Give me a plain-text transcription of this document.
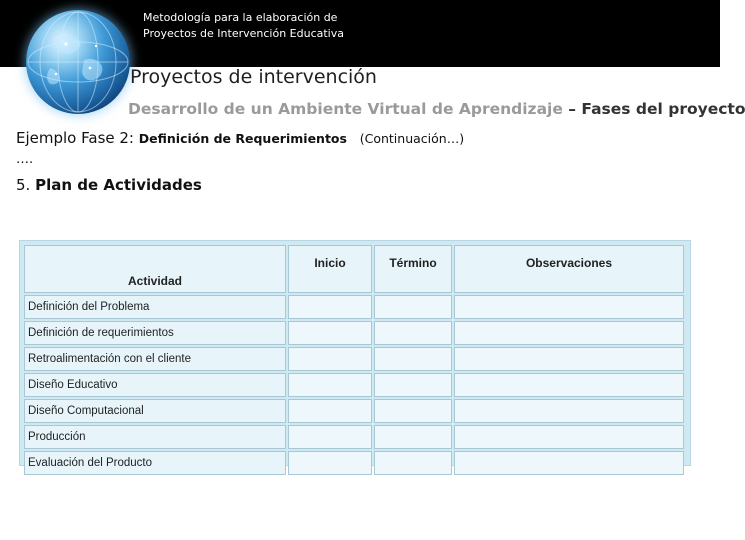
Metodología para la elaboración de
Proyectos de Intervención Educativa
Proyectos de intervención
Desarrollo de un Ambiente Virtual de Aprendizaje – Fases del proyecto
Ejemplo Fase 2: Definición de Requerimientos (Continuación…)
….
5. Plan de Actividades
Actividad	Inicio	Término	Observaciones
Definición del Problema			
Definición de requerimientos			
Retroalimentación con el cliente			
Diseño Educativo			
Diseño Computacional			
Producción			
Evaluación del Producto			
